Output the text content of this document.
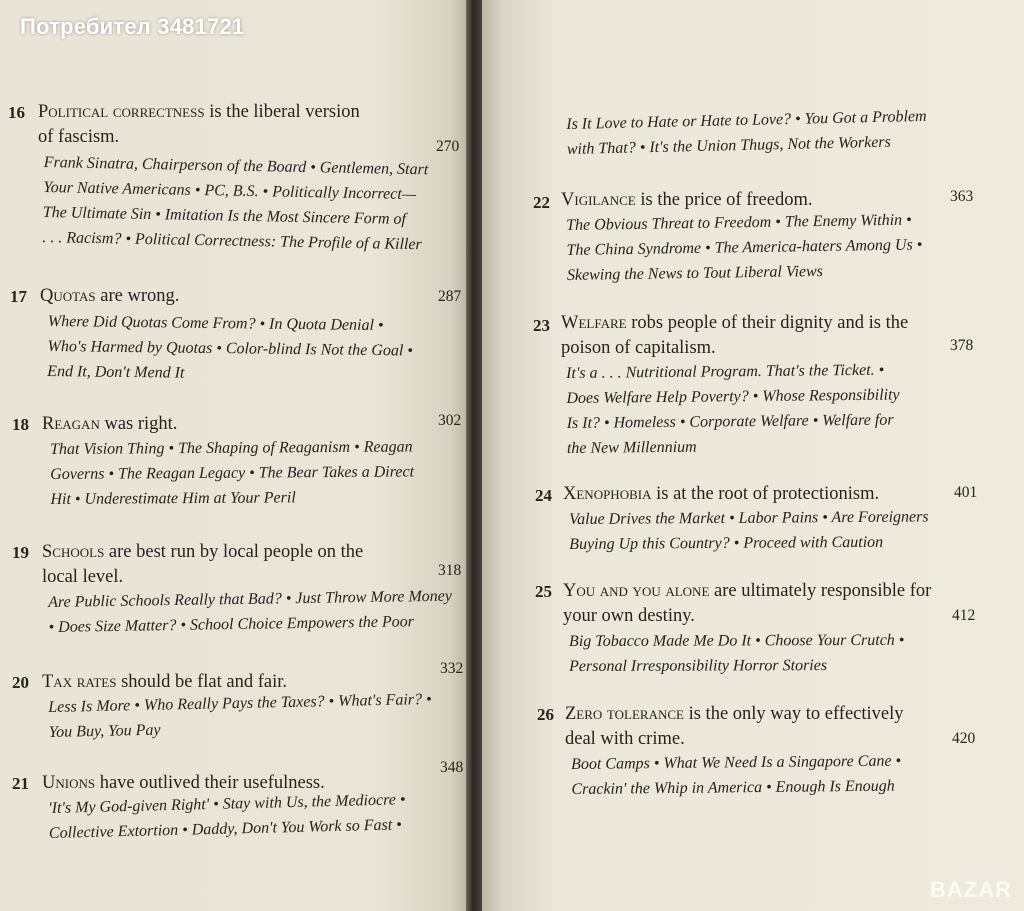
Потребител 3481721
BAZAR
16 Political correctness is the liberal version
of fascism.
Frank Sinatra, Chairperson of the Board • Gentlemen, Start
Your Native Americans • PC, B.S. • Politically Incorrect—
The Ultimate Sin • Imitation Is the Most Sincere Form of
. . . Racism? • Political Correctness: The Profile of a Killer
270
17 Quotas are wrong.
Where Did Quotas Come From? • In Quota Denial •
Who's Harmed by Quotas • Color-blind Is Not the Goal •
End It, Don't Mend It
287
18 Reagan was right.
That Vision Thing • The Shaping of Reaganism • Reagan
Governs • The Reagan Legacy • The Bear Takes a Direct
Hit • Underestimate Him at Your Peril
302
19 Schools are best run by local people on the
local level.
Are Public Schools Really that Bad? • Just Throw More Money
• Does Size Matter? • School Choice Empowers the Poor
318
20 Tax rates should be flat and fair.
Less Is More • Who Really Pays the Taxes? • What's Fair? •
You Buy, You Pay
332
21 Unions have outlived their usefulness.
'It's My God-given Right' • Stay with Us, the Mediocre •
Collective Extortion • Daddy, Don't You Work so Fast •
348
Is It Love to Hate or Hate to Love? • You Got a Problem
with That? • It's the Union Thugs, Not the Workers
22 Vigilance is the price of freedom.
The Obvious Threat to Freedom • The Enemy Within •
The China Syndrome • The America-haters Among Us •
Skewing the News to Tout Liberal Views
363
23 Welfare robs people of their dignity and is the
poison of capitalism.
It's a . . . Nutritional Program. That's the Ticket. •
Does Welfare Help Poverty? • Whose Responsibility
Is It? • Homeless • Corporate Welfare • Welfare for
the New Millennium
378
24 Xenophobia is at the root of protectionism.
Value Drives the Market • Labor Pains • Are Foreigners
Buying Up this Country? • Proceed with Caution
401
25 You and you alone are ultimately responsible for
your own destiny.
Big Tobacco Made Me Do It • Choose Your Crutch •
Personal Irresponsibility Horror Stories
412
26 Zero tolerance is the only way to effectively
deal with crime.
Boot Camps • What We Need Is a Singapore Cane •
Crackin' the Whip in America • Enough Is Enough
420
